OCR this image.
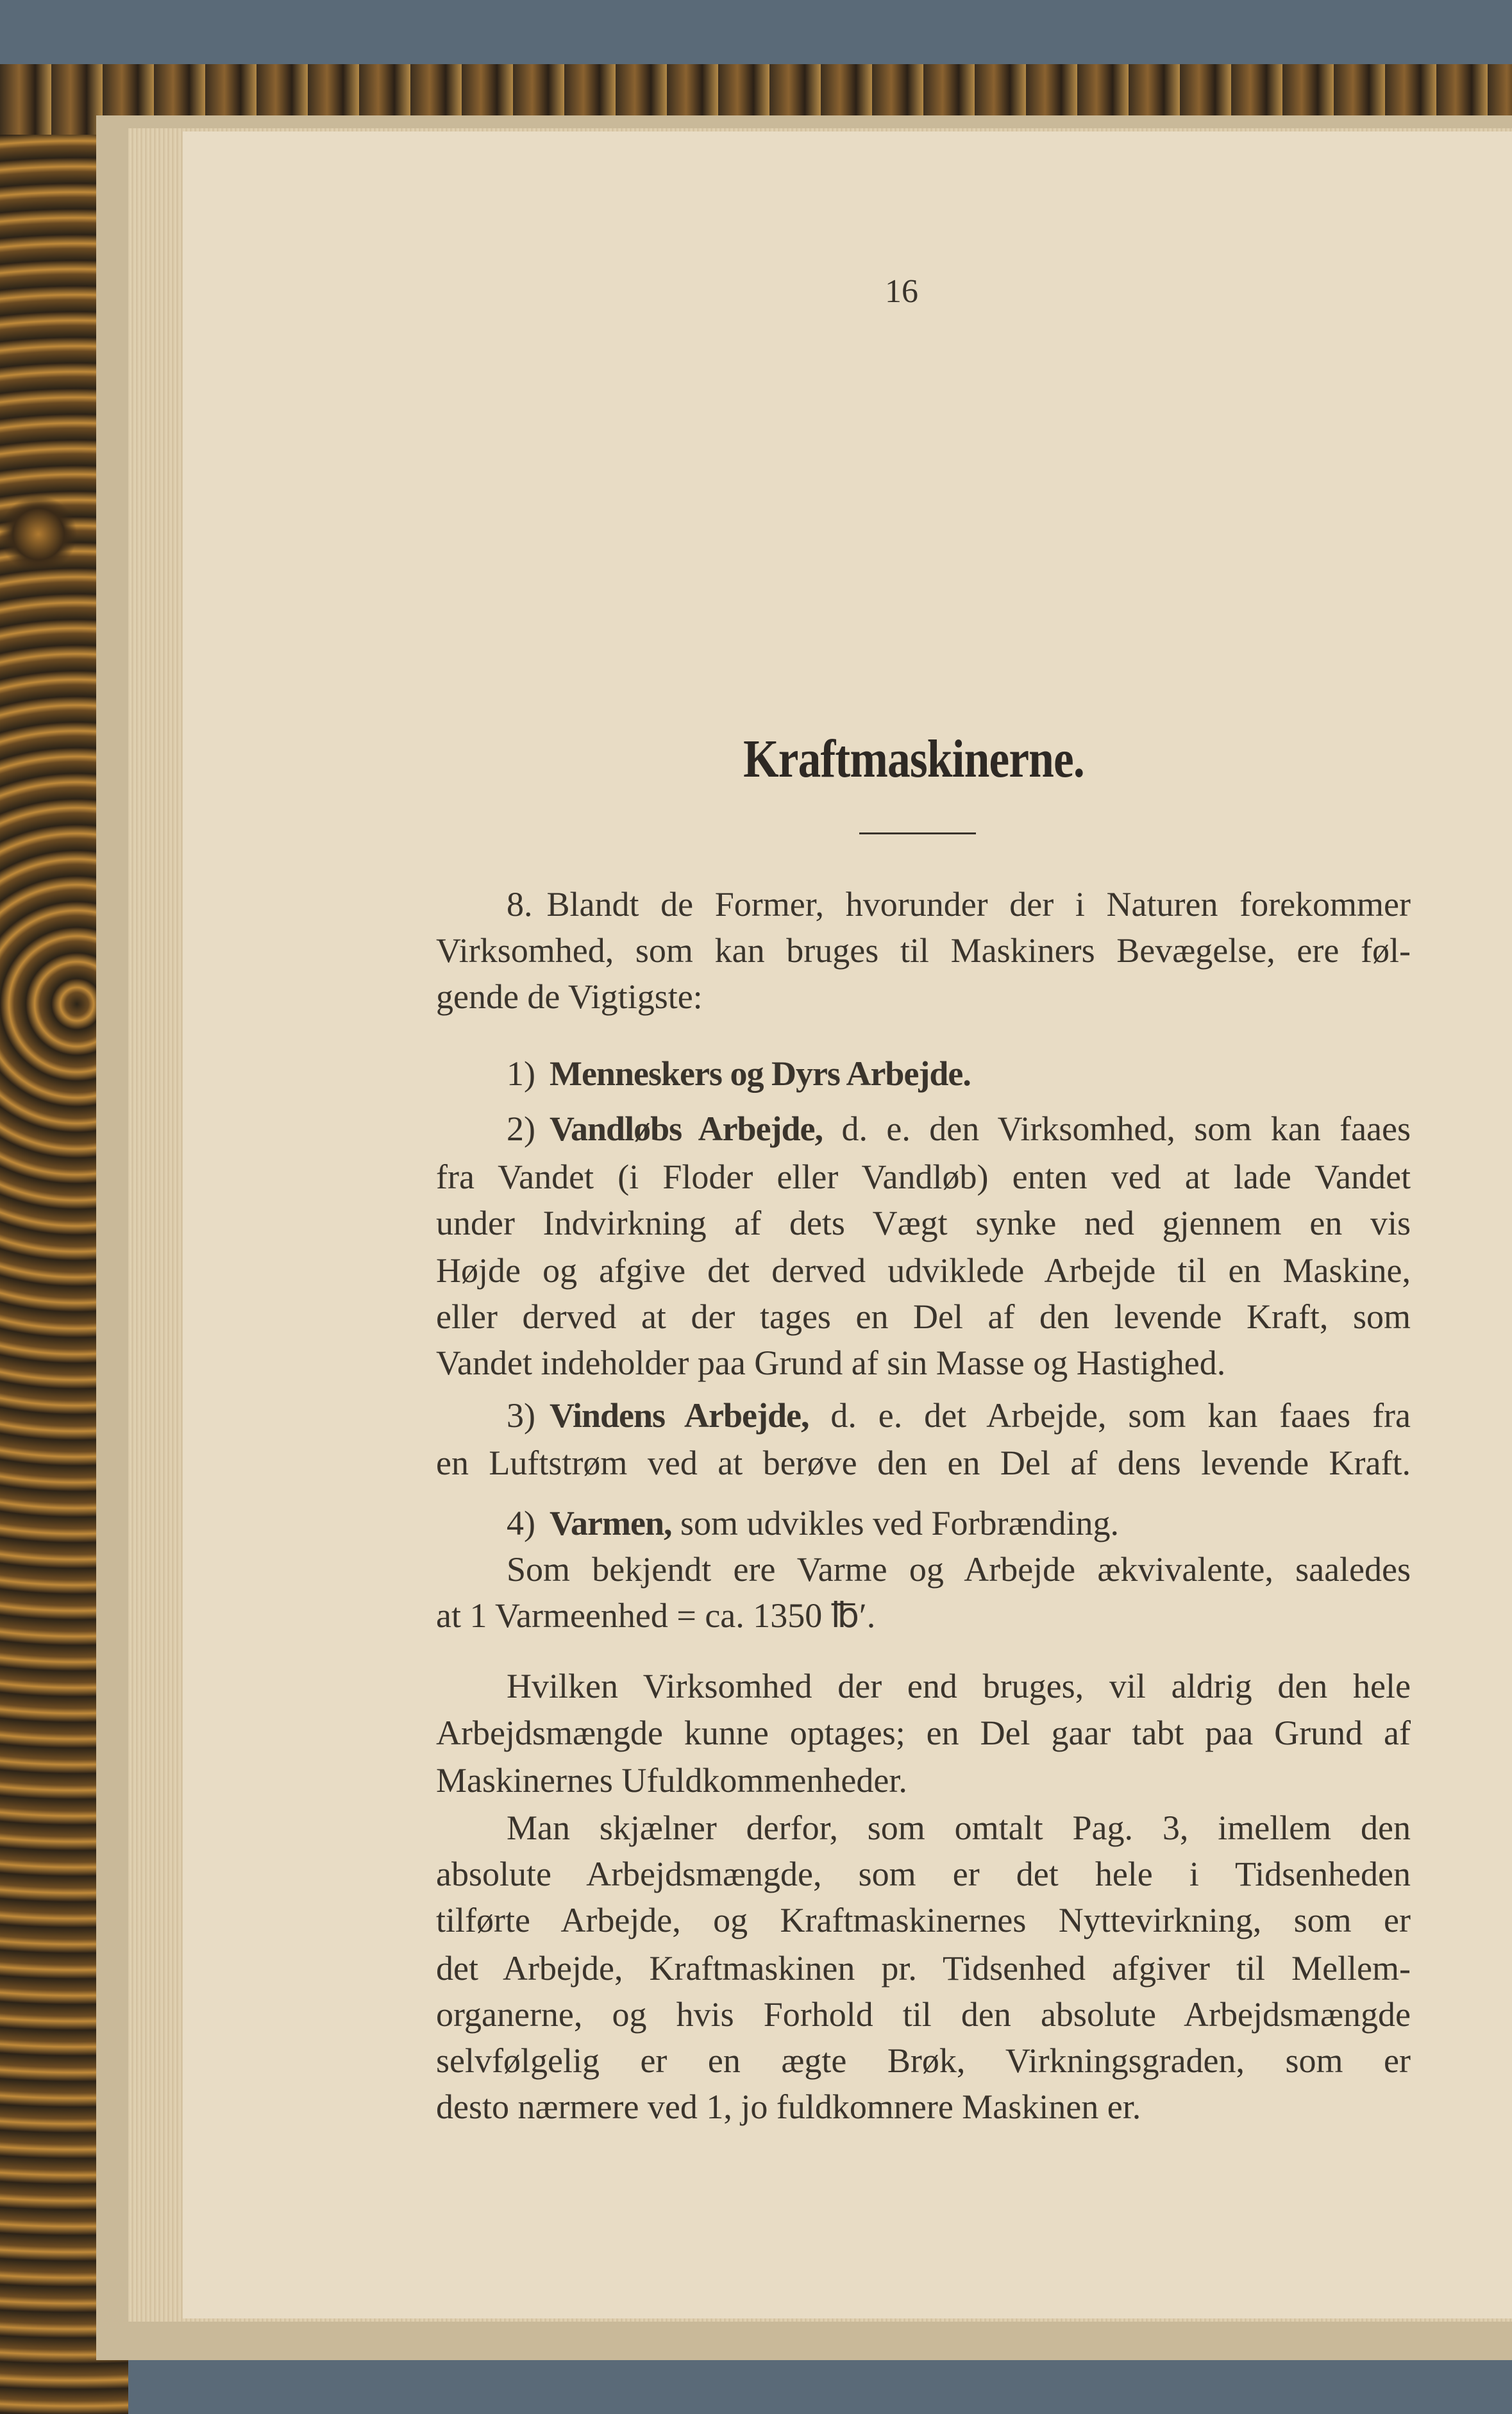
16
Kraftmaskinerne.
8. Blandt de Former, hvorunder der i Naturen forekommer
Virksomhed, som kan bruges til Maskiners Bevægelse, ere føl-
gende de Vigtigste:
1) Menneskers og Dyrs Arbejde.
2) Vandløbs Arbejde, d. e. den Virksomhed, som kan faaes
fra Vandet (i Floder eller Vandløb) enten ved at lade Vandet
under Indvirkning af dets Vægt synke ned gjennem en vis
Højde og afgive det derved udviklede Arbejde til en Maskine,
eller derved at der tages en Del af den levende Kraft, som
Vandet indeholder paa Grund af sin Masse og Hastighed.
3) Vindens Arbejde, d. e. det Arbejde, som kan faaes fra
en Luftstrøm ved at berøve den en Del af dens levende Kraft.
4) Varmen, som udvikles ved Forbrænding.
Som bekjendt ere Varme og Arbejde ækvivalente, saaledes
at 1 Varmeenhed = ca. 1350 ℔′.
Hvilken Virksomhed der end bruges, vil aldrig den hele
Arbejdsmængde kunne optages; en Del gaar tabt paa Grund af
Maskinernes Ufuldkommenheder.
Man skjælner derfor, som omtalt Pag. 3, imellem den
absolute Arbejdsmængde, som er det hele i Tidsenheden
tilførte Arbejde, og Kraftmaskinernes Nyttevirkning, som er
det Arbejde, Kraftmaskinen pr. Tidsenhed afgiver til Mellem-
organerne, og hvis Forhold til den absolute Arbejdsmængde
selvfølgelig er en ægte Brøk, Virkningsgraden, som er
desto nærmere ved 1, jo fuldkomnere Maskinen er.
